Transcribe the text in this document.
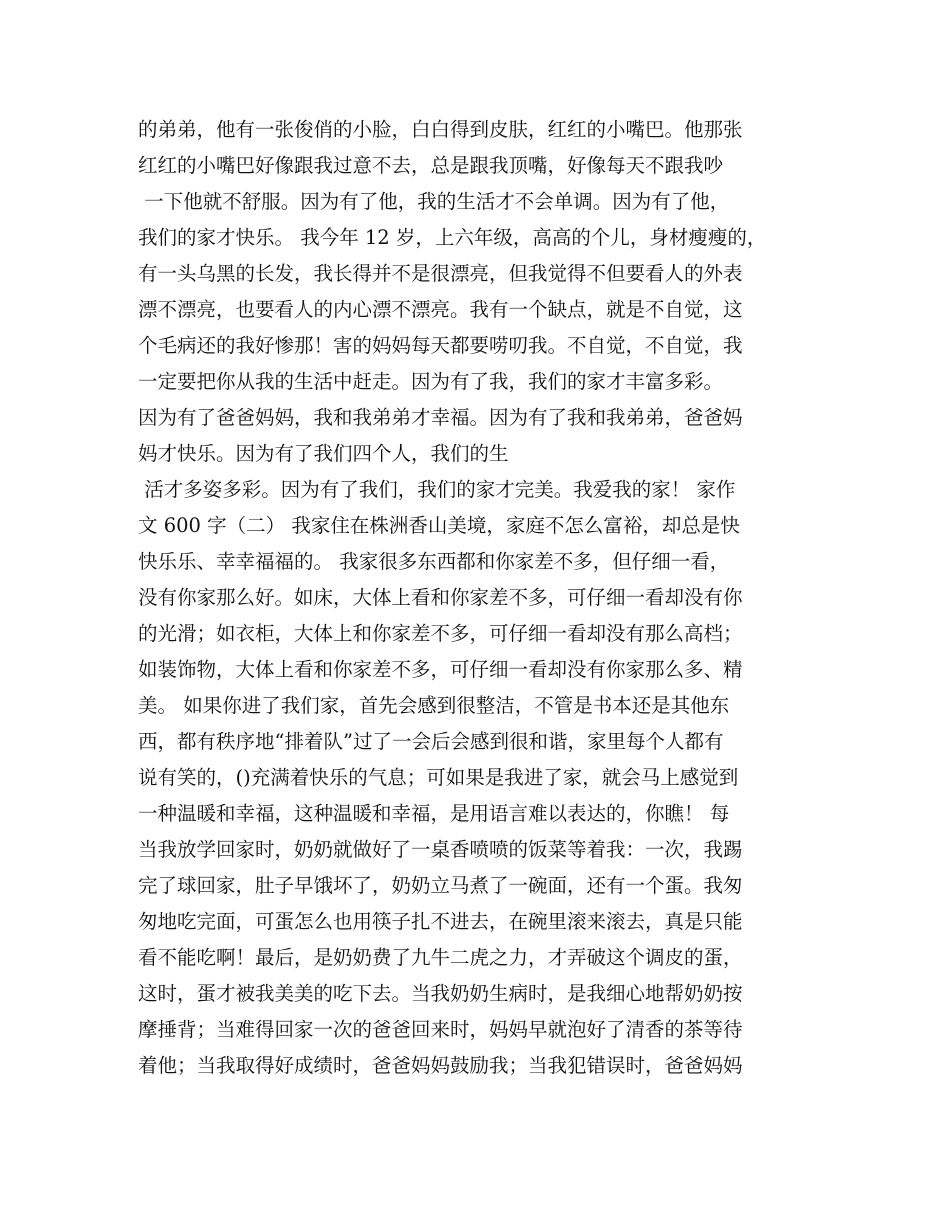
的弟弟，他有一张俊俏的小脸，白白得到皮肤，红红的小嘴巴。他那张
红红的小嘴巴好像跟我过意不去，总是跟我顶嘴，好像每天不跟我吵
一下他就不舒服。因为有了他，我的生活才不会单调。因为有了他，
我们的家才快乐。 我今年 12 岁，上六年级，高高的个儿，身材瘦瘦的，
有一头乌黑的长发，我长得并不是很漂亮，但我觉得不但要看人的外表
漂不漂亮，也要看人的内心漂不漂亮。我有一个缺点，就是不自觉，这
个毛病还的我好惨那！害的妈妈每天都要唠叨我。不自觉，不自觉，我
一定要把你从我的生活中赶走。因为有了我，我们的家才丰富多彩。
因为有了爸爸妈妈，我和我弟弟才幸福。因为有了我和我弟弟，爸爸妈
妈才快乐。因为有了我们四个人，我们的生
活才多姿多彩。因为有了我们，我们的家才完美。我爱我的家！ 家作
文 600 字（二） 我家住在株洲香山美境，家庭不怎么富裕，却总是快
快乐乐、幸幸福福的。 我家很多东西都和你家差不多，但仔细一看，
没有你家那么好。如床，大体上看和你家差不多，可仔细一看却没有你
的光滑；如衣柜，大体上和你家差不多，可仔细一看却没有那么高档；
如装饰物，大体上看和你家差不多，可仔细一看却没有你家那么多、精
美。 如果你进了我们家，首先会感到很整洁，不管是书本还是其他东
西，都有秩序地“排着队”过了一会后会感到很和谐，家里每个人都有
说有笑的，()充满着快乐的气息；可如果是我进了家，就会马上感觉到
一种温暖和幸福，这种温暖和幸福，是用语言难以表达的，你瞧！ 每
当我放学回家时，奶奶就做好了一桌香喷喷的饭菜等着我：一次，我踢
完了球回家，肚子早饿坏了，奶奶立马煮了一碗面，还有一个蛋。我匆
匆地吃完面，可蛋怎么也用筷子扎不进去，在碗里滚来滚去，真是只能
看不能吃啊！最后，是奶奶费了九牛二虎之力，才弄破这个调皮的蛋，
这时，蛋才被我美美的吃下去。当我奶奶生病时，是我细心地帮奶奶按
摩捶背；当难得回家一次的爸爸回来时，妈妈早就泡好了清香的茶等待
着他；当我取得好成绩时，爸爸妈妈鼓励我；当我犯错误时，爸爸妈妈
